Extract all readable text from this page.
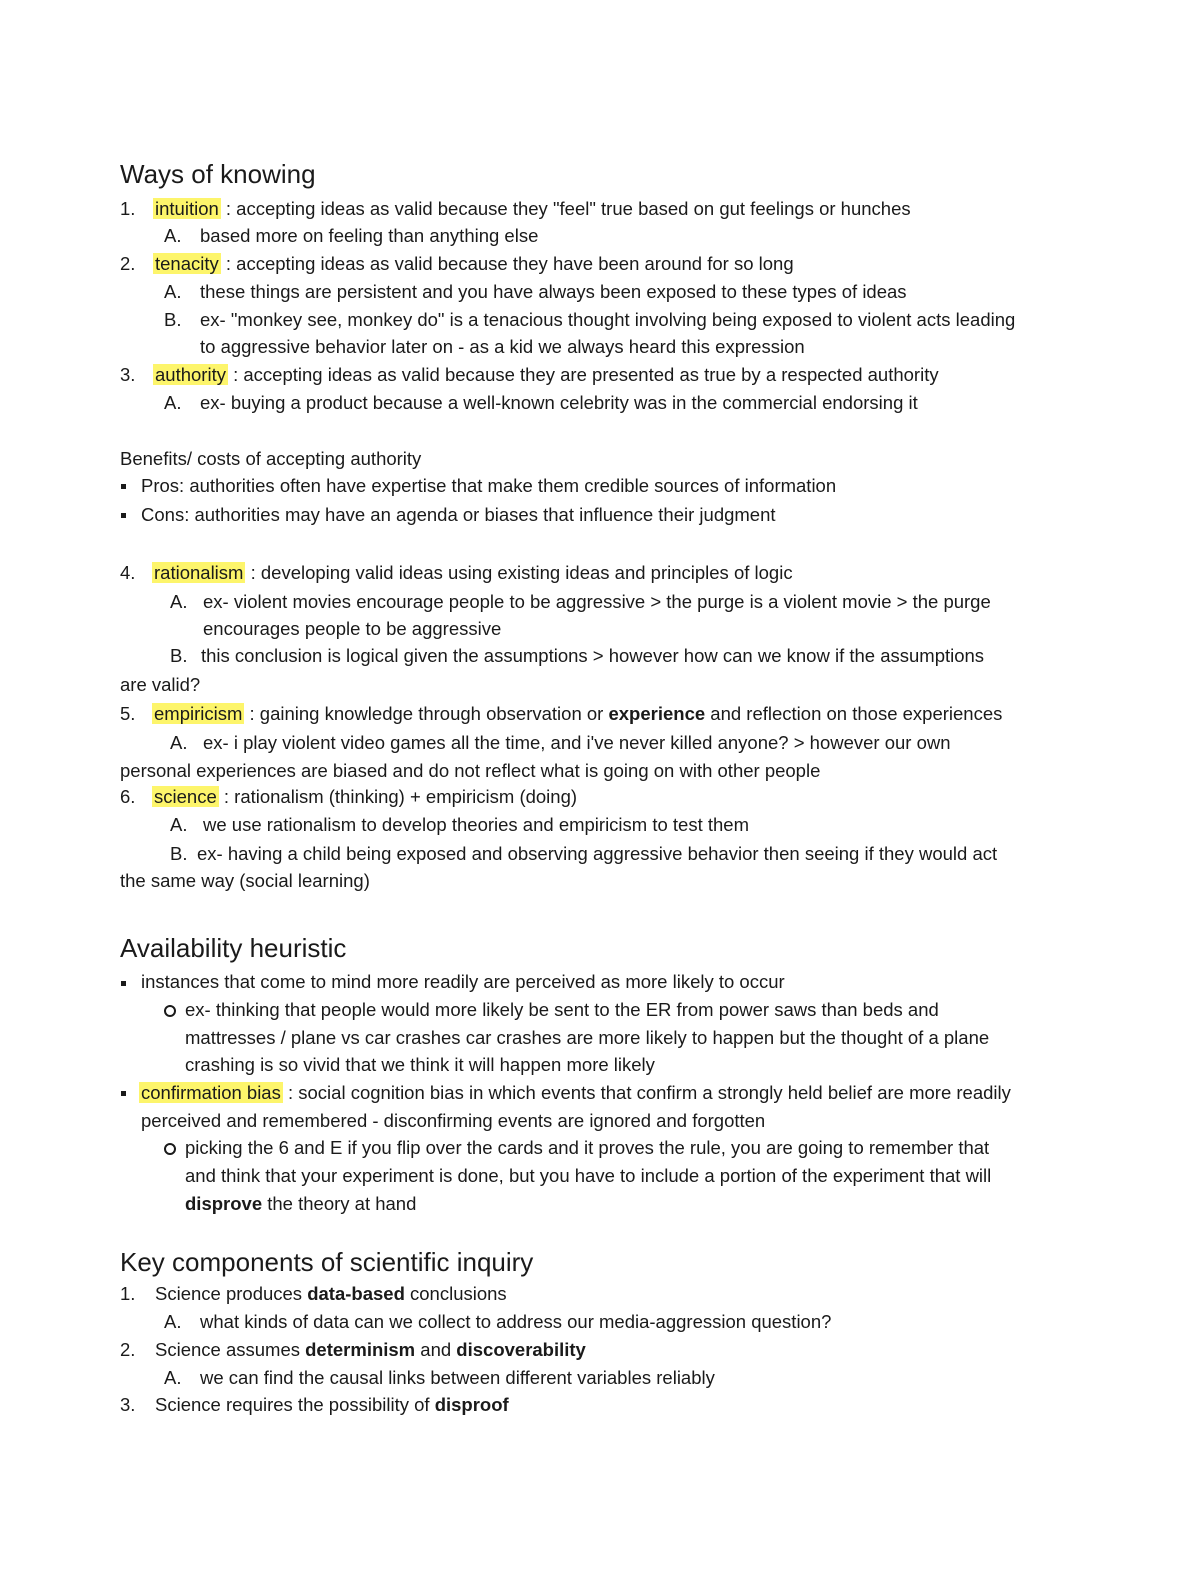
Ways of knowing
1. intuition : accepting ideas as valid because they "feel" true based on gut feelings or hunches
A. based more on feeling than anything else
2. tenacity : accepting ideas as valid because they have been around for so long
A. these things are persistent and you have always been exposed to these types of ideas
B. ex- "monkey see, monkey do" is a tenacious thought involving being exposed to violent acts leading
to aggressive behavior later on - as a kid we always heard this expression
3. authority : accepting ideas as valid because they are presented as true by a respected authority
A. ex- buying a product because a well-known celebrity was in the commercial endorsing it
Benefits/ costs of accepting authority
Pros: authorities often have expertise that make them credible sources of information
Cons: authorities may have an agenda or biases that influence their judgment
4. rationalism : developing valid ideas using existing ideas and principles of logic
A. ex- violent movies encourage people to be aggressive > the purge is a violent movie > the purge
encourages people to be aggressive
B. this conclusion is logical given the assumptions > however how can we know if the assumptions
are valid?
5. empiricism : gaining knowledge through observation or experience and reflection on those experiences
A. ex- i play violent video games all the time, and i've never killed anyone? > however our own
personal experiences are biased and do not reflect what is going on with other people
6. science : rationalism (thinking) + empiricism (doing)
A. we use rationalism to develop theories and empiricism to test them
B. ex- having a child being exposed and observing aggressive behavior then seeing if they would act
the same way (social learning)
Availability heuristic
instances that come to mind more readily are perceived as more likely to occur
ex- thinking that people would more likely be sent to the ER from power saws than beds and
mattresses / plane vs car crashes car crashes are more likely to happen but the thought of a plane
crashing is so vivid that we think it will happen more likely
confirmation bias : social cognition bias in which events that confirm a strongly held belief are more readily
perceived and remembered - disconfirming events are ignored and forgotten
picking the 6 and E if you flip over the cards and it proves the rule, you are going to remember that
and think that your experiment is done, but you have to include a portion of the experiment that will
disprove the theory at hand
Key components of scientific inquiry
1. Science produces data-based conclusions
A. what kinds of data can we collect to address our media-aggression question?
2. Science assumes determinism and discoverability
A. we can find the causal links between different variables reliably
3. Science requires the possibility of disproof
